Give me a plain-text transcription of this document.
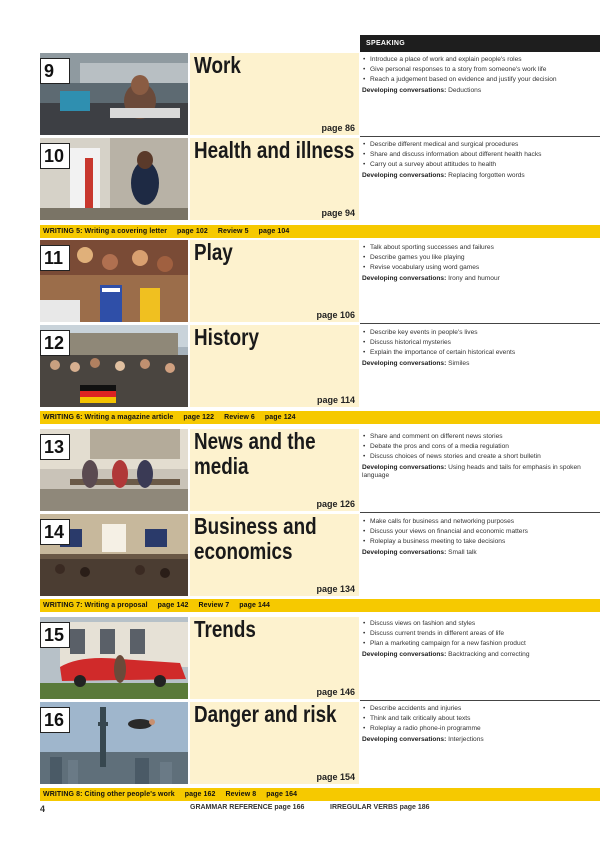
SPEAKING
9	Work
page 86
• Introduce a place of work and explain people's roles
• Give personal responses to a story from someone's work life
• Reach a judgement based on evidence and justify your decision
Developing conversations: Deductions
10	Health and illness
page 94
• Describe different medical and surgical procedures
• Share and discuss information about different health hacks
• Carry out a survey about attitudes to health
Developing conversations: Replacing forgotten words
WRITING 5: Writing a covering letter page 102 Review 5 page 104
11	Play
page 106
• Talk about sporting successes and failures
• Describe games you like playing
• Revise vocabulary using word games
Developing conversations: Irony and humour
12	History
page 114
• Describe key events in people's lives
• Discuss historical mysteries
• Explain the importance of certain historical events
Developing conversations: Similes
WRITING 6: Writing a magazine article page 122 Review 6 page 124
13	News and the media
page 126
• Share and comment on different news stories
• Debate the pros and cons of a media regulation
• Discuss choices of news stories and create a short bulletin
Developing conversations: Using heads and tails for emphasis in spoken language
14	Business and economics
page 134
• Make calls for business and networking purposes
• Discuss your views on financial and economic matters
• Roleplay a business meeting to take decisions
Developing conversations: Small talk
WRITING 7: Writing a proposal page 142 Review 7 page 144
15	Trends
page 146
• Discuss views on fashion and styles
• Discuss current trends in different areas of life
• Plan a marketing campaign for a new fashion product
Developing conversations: Backtracking and correcting
16	Danger and risk
page 154
• Describe accidents and injuries
• Think and talk critically about texts
• Roleplay a radio phone-in programme
Developing conversations: Interjections
WRITING 8: Citing other people's work page 162 Review 8 page 164
4	GRAMMAR REFERENCE page 166	IRREGULAR VERBS page 186
